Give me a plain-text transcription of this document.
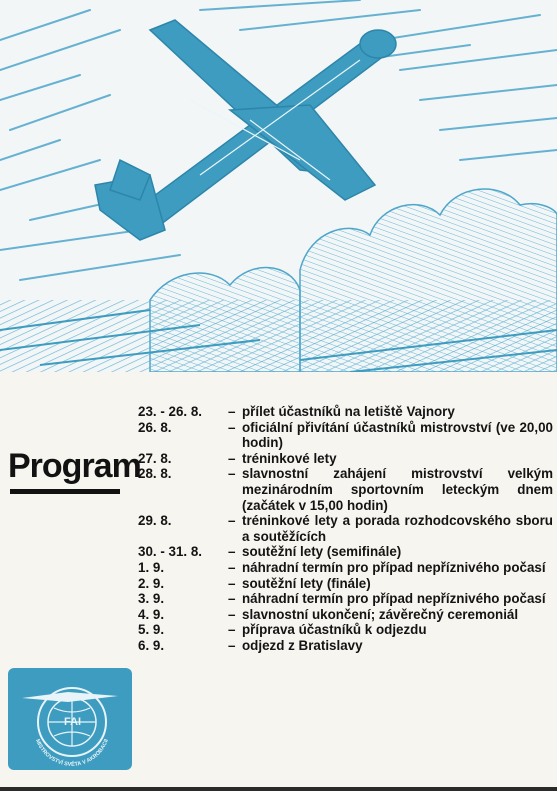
Program
23. - 26. 8.	– přílet účastníků na letiště Vajnory
26. 8.	– oficiální přivítání účastníků mistrovství (ve 20,00 hodin)
27. 8.	– tréninkové lety
28. 8.	– slavnostní zahájení mistrovství velkým mezinárodním sportovním leteckým dnem (začátek v 15,00 hodin)
29. 8.	– tréninkové lety a porada rozhodcovského sboru a soutěžících
30. - 31. 8.	– soutěžní lety (semifinále)
1. 9.	– náhradní termín pro případ nepříznivého počasí
2. 9.	– soutěžní lety (finále)
3. 9.	– náhradní termín pro případ nepříznivého počasí
4. 9.	– slavnostní ukončení; závěrečný ceremoniál
5. 9.	– příprava účastníků k odjezdu
6. 9.	– odjezd z Bratislavy
FAI
MISTROVSTVÍ SVĚTA V AKROBACII
